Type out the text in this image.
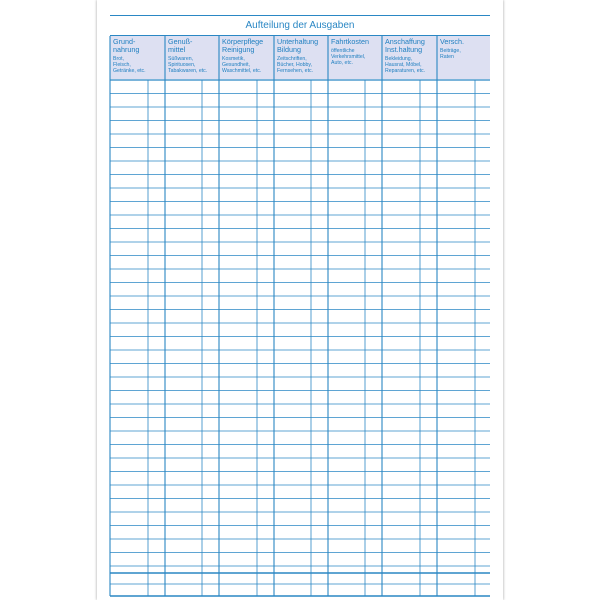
Aufteilung der Ausgaben
Grund-
nahrung
Brot,
Fleisch,
Getränke, etc.
Genuß-
mittel
Süßwaren,
Spirituosen,
Tabakwaren, etc.
Körperpflege
Reinigung
Kosmetik,
Gesundheit,
Waschmittel, etc.
Unterhaltung
Bildung
Zeitschriften,
Bücher, Hobby,
Fernsehen, etc.
Fahrtkosten
öffentliche
Verkehrsmittel,
Auto, etc.
Anschaffung
Inst.haltung
Bekleidung,
Hausrat, Möbel,
Reparaturen, etc.
Versch.
Beiträge,
Raten
